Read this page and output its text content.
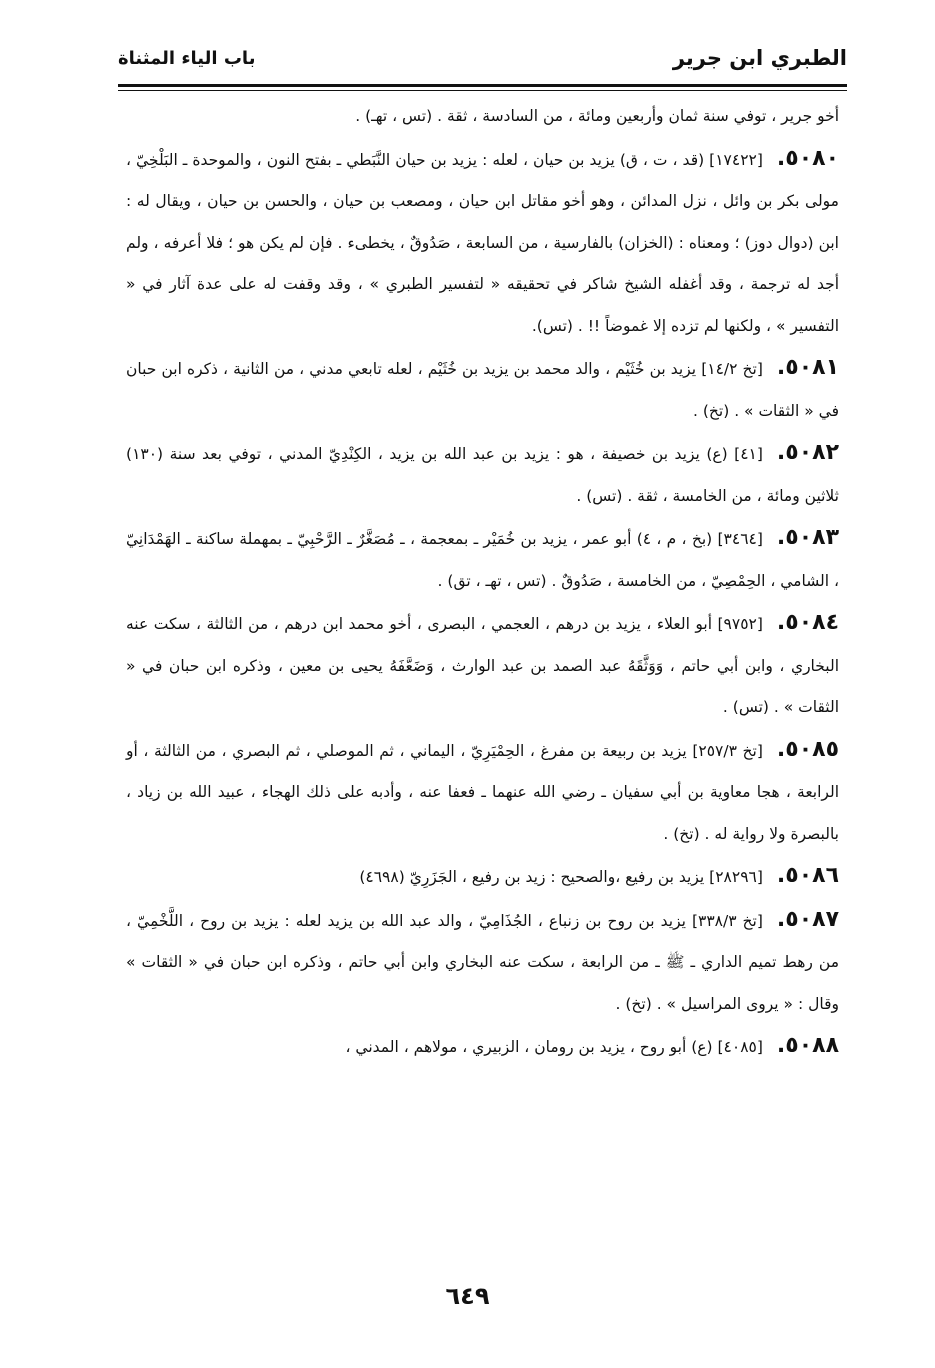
الطبري ابن جرير
باب الياء المثناة

أخو جرير ، توفي سنة ثمان وأربعين ومائة ، من السادسة ، ثقة . (تس ، تهـ) .

٥٠٨٠.[١٧٤٢٢] (قد ، ت ، ق) يزيد بن حيان ، لعله : يزيد بن حيان النَّبَطي ـ بفتح النون ، والموحدة ـ البَلْخِيّ ، مولى بكر بن وائل ، نزل المدائن ، وهو أخو مقاتل ابن حيان ، ومصعب بن حيان ، والحسن بن حيان ، ويقال له : ابن (دوال دوز) ؛ ومعناه : (الخزان) بالفارسية ، من السابعة ، صَدُوقٌ ، يخطىء . فإن لم يكن هو ؛ فلا أعرفه ، ولم أجد له ترجمة ، وقد أغفله الشيخ شاكر في تحقيقه « لتفسير الطبري » ، وقد وقفت له على عدة آثار في « التفسير » ، ولكنها لم تزده إلا غموضاً !! . (تس).

٥٠٨١.[تخ ١٤/٢] يزيد بن خُثَيْم ، والد محمد بن يزيد بن خُثَيْم ، لعله تابعي مدني ، من الثانية ، ذكره ابن حبان في « الثقات » . (تخ) .

٥٠٨٢.[٤١] (ع) يزيد بن خصيفة ، هو : يزيد بن عبد الله بن يزيد ، الكِنْدِيّ المدني ، توفي بعد سنة (١٣٠) ثلاثين ومائة ، من الخامسة ، ثقة . (تس) .

٥٠٨٣.[٣٤٦٤] (بخ ، م ، ٤) أبو عمر ، يزيد بن خُمَيْر ـ بمعجمة ، ـ مُصَغَّرٌ ـ الرَّحْبِيّ ـ بمهملة ساكنة ـ الهَمْدَانِيّ ، الشامي ، الحِمْصِيّ ، من الخامسة ، صَدُوقٌ . (تس ، تهـ ، تق) .

٥٠٨٤.[٩٧٥٢] أبو العلاء ، يزيد بن درهم ، العجمي ، البصرى ، أخو محمد ابن درهم ، من الثالثة ، سكت عنه البخاري ، وابن أبي حاتم ، وَوَثَّقَهُ عبد الصمد بن عبد الوارث ، وَضَعَّفَهُ يحيى بن معين ، وذكره ابن حبان في « الثقات » . (تس) .

٥٠٨٥.[تخ ٢٥٧/٣] يزيد بن ربيعة بن مفرغ ، الحِمْيَرِيّ ، اليماني ، ثم الموصلي ، ثم البصري ، من الثالثة ، أو الرابعة ، هجا معاوية بن أبي سفيان ـ رضي الله عنهما ـ فعفا عنه ، وأدبه على ذلك الهجاء ، عبيد الله بن زياد ، بالبصرة ولا رواية له . (تخ) .

٥٠٨٦.[٢٨٢٩٦] يزيد بن رفيع ،والصحيح : زيد بن رفيع ، الجَزَرِيّ (٤٦٩٨)

٥٠٨٧.[تخ ٣٣٨/٣] يزيد بن روح بن زنباع ، الجُذَامِيّ ، والد عبد الله بن يزيد لعله : يزيد بن روح ، اللَّخْمِيّ ، من رهط تميم الداري ـ ﷺ ـ من الرابعة ، سكت عنه البخاري وابن أبي حاتم ، وذكره ابن حبان في « الثقات » وقال : « يروى المراسيل » . (تخ) .

٥٠٨٨.[٤٠٨٥] (ع) أبو روح ، يزيد بن رومان ، الزبيري ، مولاهم ، المدني ،

٦٤٩
